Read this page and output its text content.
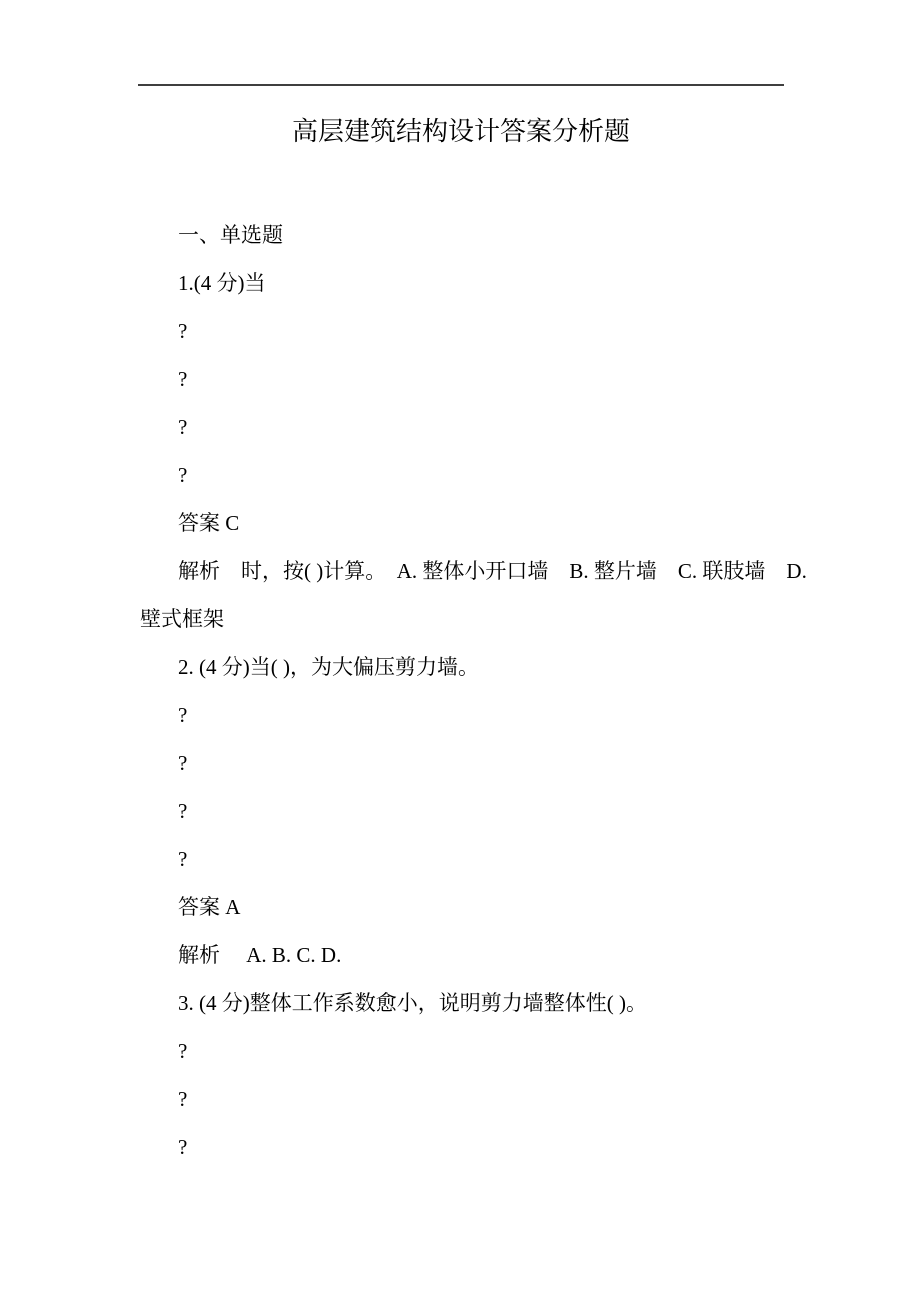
高层建筑结构设计答案分析题
一、单选题
1.(4 分)当
?
?
?
?
答案 C
解析　时，按( )计算。　A. 整体小开口墙　B. 整片墙　C. 联肢墙　D.
壁式框架
2. (4 分)当( )，为大偏压剪力墙。
?
?
?
?
答案 A
解析　 A. B. C. D.
3. (4 分)整体工作系数愈小，说明剪力墙整体性( )。
?
?
?
